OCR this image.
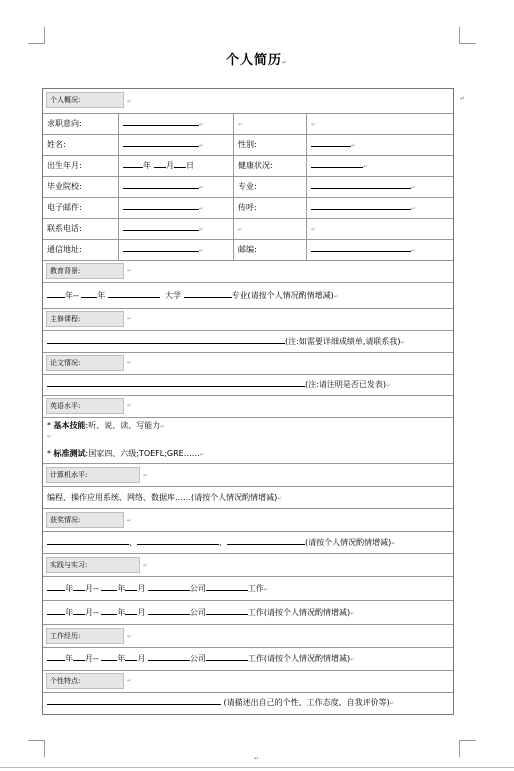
个人简历↵
↵
个人概况:	↵
求职意向:	↵	↵	↵
姓名:	↵	性别:	↵
出生年月:	年 月 日	健康状况:	↵
毕业院校:	↵	专业:	↵
电子邮件:	↵	传呼:	↵
联系电话:	↵	↵	↵
通信地址:	↵	邮编:	↵
教育背景:	↵
年-- 年	大学	专业(请按个人情况酌情增减)↵
主修课程:	↵
(注:如需要详细成绩单,请联系我)↵
论文情况:	↵
(注:请注明是否已发表)↵
英语水平:	↵
* 基本技能:听、说、读、写能力↵
↵
* 标准测试:国家四、六级;TOEFL;GRE……↵
计算机水平:	↵
编程、操作应用系统、网络、数据库……(请按个人情况酌情增减)↵
获奖情况:	↵
、	、	(请按个人情况酌情增减)↵
实践与实习:	↵
年 月-- 年 月	公司	工作↵
年 月-- 年 月	公司	工作(请按个人情况酌情增减)↵
工作经历:	↵
年 月-- 年 月	公司	工作(请按个人情况酌情增减)↵
个性特点:	↵
(请描述出自己的个性、工作态度、自我评价等)↵
↵
